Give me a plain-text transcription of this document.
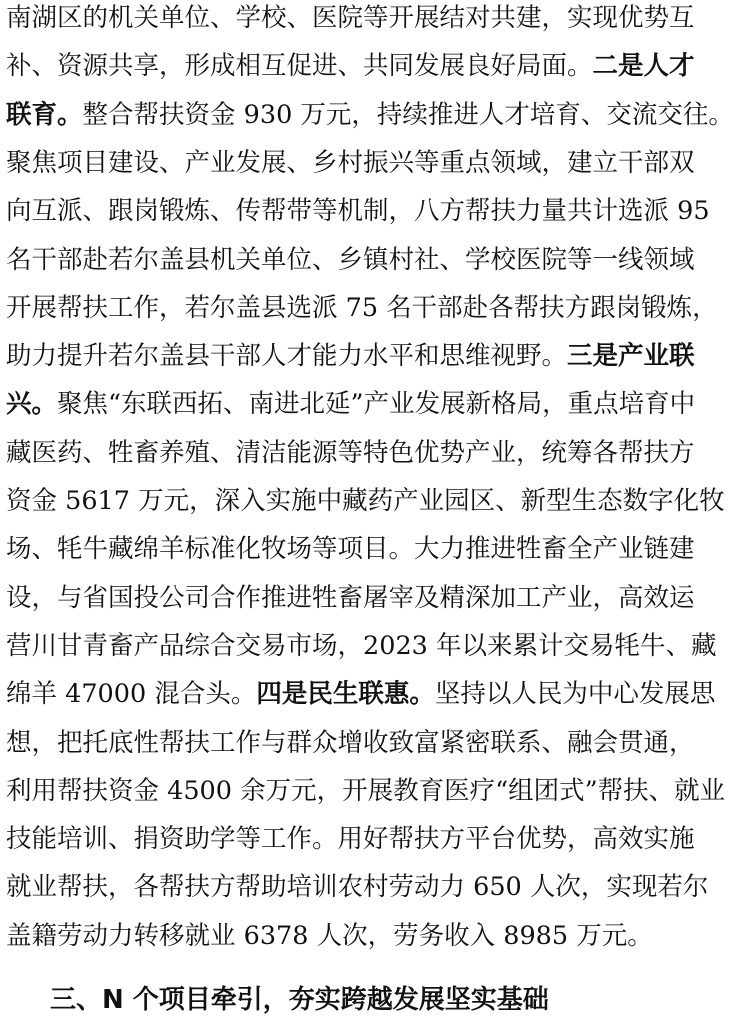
南湖区的机关单位、学校、医院等开展结对共建，实现优势互
补、资源共享，形成相互促进、共同发展良好局面。二是人才
联育。整合帮扶资金 930 万元，持续推进人才培育、交流交往。
聚焦项目建设、产业发展、乡村振兴等重点领域，建立干部双
向互派、跟岗锻炼、传帮带等机制，八方帮扶力量共计选派 95
名干部赴若尔盖县机关单位、乡镇村社、学校医院等一线领域
开展帮扶工作，若尔盖县选派 75 名干部赴各帮扶方跟岗锻炼，
助力提升若尔盖县干部人才能力水平和思维视野。三是产业联
兴。聚焦“东联西拓、南进北延”产业发展新格局，重点培育中
藏医药、牲畜养殖、清洁能源等特色优势产业，统筹各帮扶方
资金 5617 万元，深入实施中藏药产业园区、新型生态数字化牧
场、牦牛藏绵羊标准化牧场等项目。大力推进牲畜全产业链建
设，与省国投公司合作推进牲畜屠宰及精深加工产业，高效运
营川甘青畜产品综合交易市场，2023 年以来累计交易牦牛、藏
绵羊 47000 混合头。四是民生联惠。坚持以人民为中心发展思
想，把托底性帮扶工作与群众增收致富紧密联系、融会贯通，
利用帮扶资金 4500 余万元，开展教育医疗“组团式”帮扶、就业
技能培训、捐资助学等工作。用好帮扶方平台优势，高效实施
就业帮扶，各帮扶方帮助培训农村劳动力 650 人次，实现若尔
盖籍劳动力转移就业 6378 人次，劳务收入 8985 万元。
三、N 个项目牵引，夯实跨越发展坚实基础
